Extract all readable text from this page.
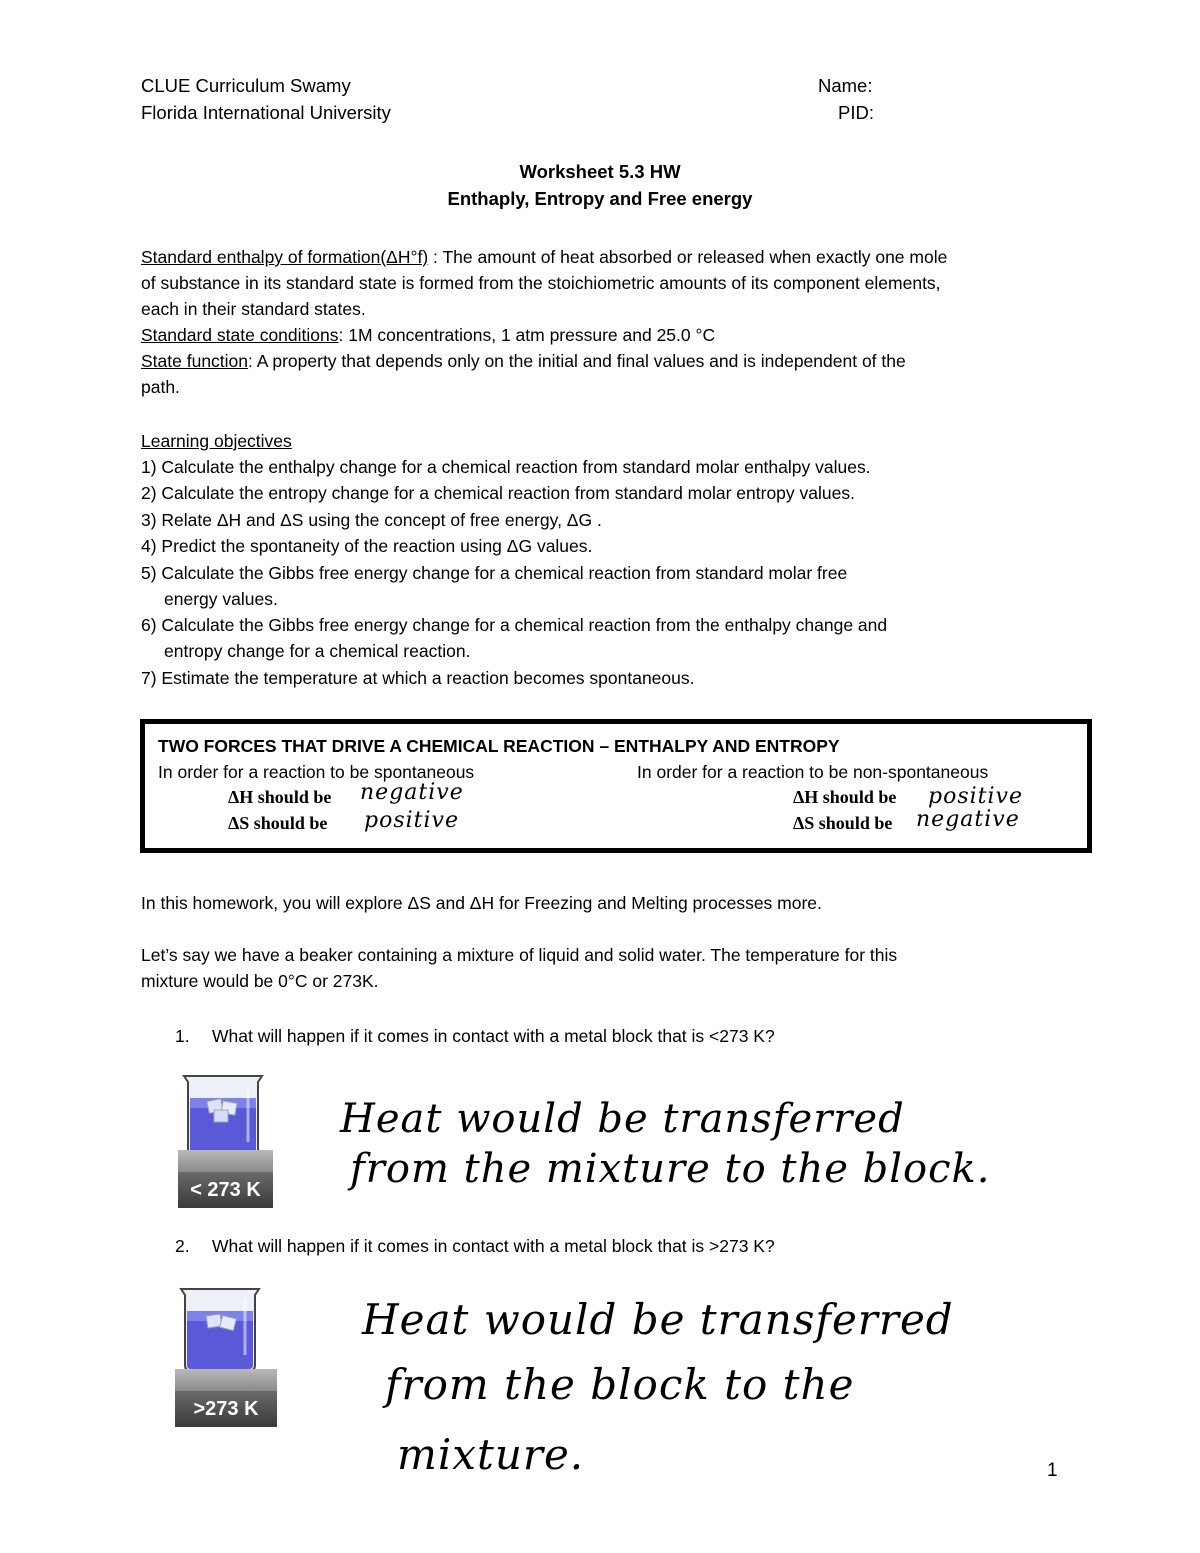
CLUE Curriculum Swamy
Florida International University
Name:
PID:
Worksheet 5.3 HW
Enthaply, Entropy and Free energy
Standard enthalpy of formation(ΔH°f) : The amount of heat absorbed or released when exactly one mole
of substance in its standard state is formed from the stoichiometric amounts of its component elements,
each in their standard states.
Standard state conditions: 1M concentrations, 1 atm pressure and 25.0 °C
State function: A property that depends only on the initial and final values and is independent of the
path.
Learning objectives
1) Calculate the enthalpy change for a chemical reaction from standard molar enthalpy values.
2) Calculate the entropy change for a chemical reaction from standard molar entropy values.
3) Relate ΔH and ΔS using the concept of free energy, ΔG .
4) Predict the spontaneity of the reaction using ΔG values.
5) Calculate the Gibbs free energy change for a chemical reaction from standard molar free
energy values.
6) Calculate the Gibbs free energy change for a chemical reaction from the enthalpy change and
entropy change for a chemical reaction.
7) Estimate the temperature at which a reaction becomes spontaneous.
TWO FORCES THAT DRIVE A CHEMICAL REACTION – ENTHALPY AND ENTROPY
In order for a reaction to be spontaneous	In order for a reaction to be non-spontaneous
ΔH should be negative
ΔS should be positive
ΔH should be positive
ΔS should be negative
In this homework, you will explore ΔS and ΔH for Freezing and Melting processes more.
Let’s say we have a beaker containing a mixture of liquid and solid water. The temperature for this
mixture would be 0°C or 273K.
1. What will happen if it comes in contact with a metal block that is <273 K?
< 273 K
Heat would be transferred
from the mixture to the block.
2. What will happen if it comes in contact with a metal block that is >273 K?
>273 K
Heat would be transferred
from the block to the
mixture.	1
